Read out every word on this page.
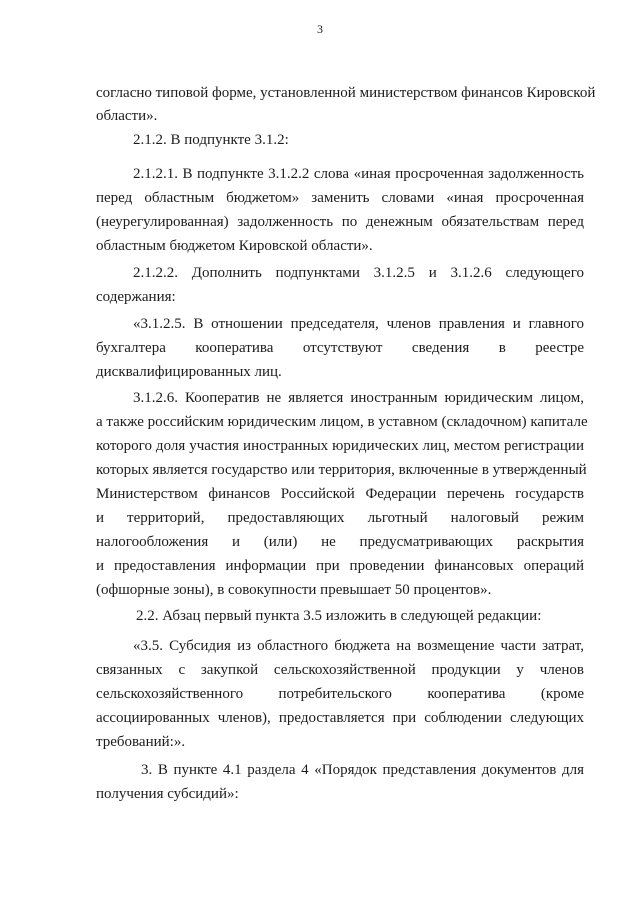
3
согласно типовой форме, установленной министерством финансов Кировской
области».
2.1.2. В подпункте 3.1.2:
2.1.2.1. В подпункте 3.1.2.2 слова «иная просроченная задолженность
перед областным бюджетом» заменить словами «иная просроченная
(неурегулированная) задолженность по денежным обязательствам перед
областным бюджетом Кировской области».
2.1.2.2. Дополнить подпунктами 3.1.2.5 и 3.1.2.6 следующего
содержания:
«3.1.2.5. В отношении председателя, членов правления и главного
бухгалтера кооператива отсутствуют сведения в реестре
дисквалифицированных лиц.
3.1.2.6. Кооператив не является иностранным юридическим лицом,
а также российским юридическим лицом, в уставном (складочном) капитале
которого доля участия иностранных юридических лиц, местом регистрации
которых является государство или территория, включенные в утвержденный
Министерством финансов Российской Федерации перечень государств
и территорий, предоставляющих льготный налоговый режим
налогообложения и (или) не предусматривающих раскрытия
и предоставления информации при проведении финансовых операций
(офшорные зоны), в совокупности превышает 50 процентов».
2.2. Абзац первый пункта 3.5 изложить в следующей редакции:
«3.5. Субсидия из областного бюджета на возмещение части затрат,
связанных с закупкой сельскохозяйственной продукции у членов
сельскохозяйственного потребительского кооператива (кроме
ассоциированных членов), предоставляется при соблюдении следующих
требований:».
3. В пункте 4.1 раздела 4 «Порядок представления документов для
получения субсидий»:
